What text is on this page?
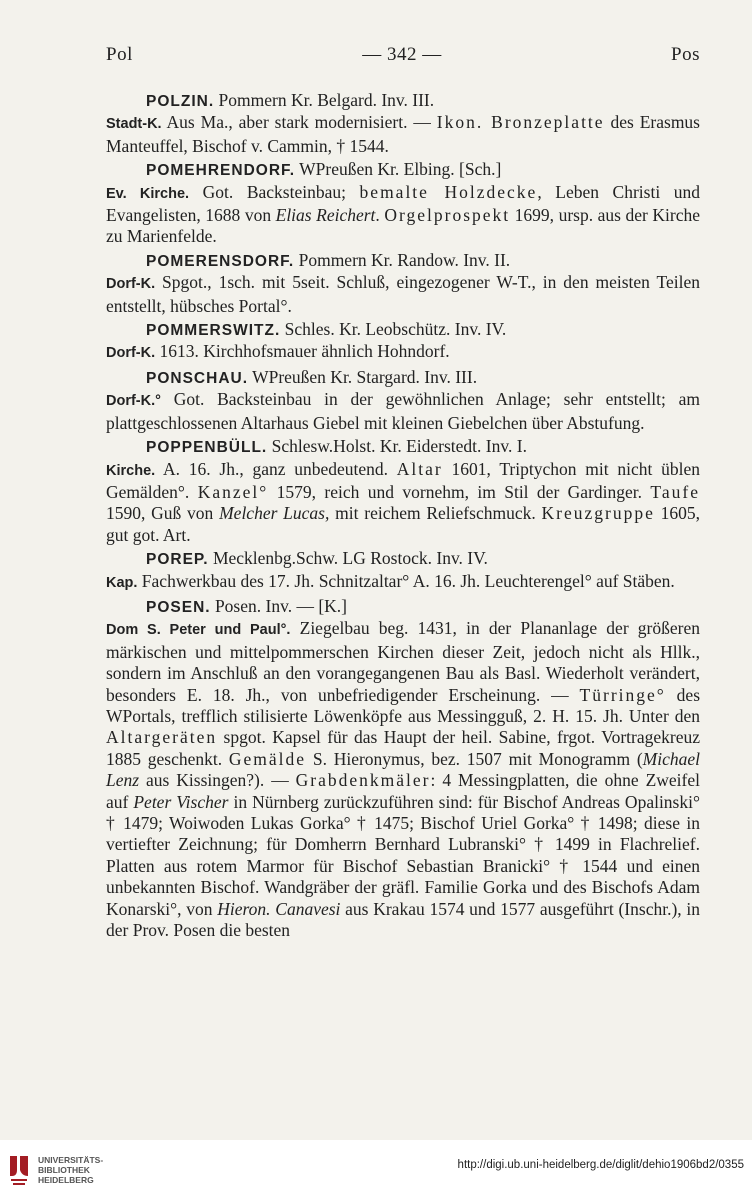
Pol	— 342 —	Pos

POLZIN. Pommern Kr. Belgard. Inv. III.

Stadt-K. Aus Ma., aber stark modernisiert. — Ikon. Bronzeplatte des Erasmus Manteuffel, Bischof v. Cammin, † 1544.

POMEHRENDORF. WPreußen Kr. Elbing. [Sch.]

Ev. Kirche. Got. Backsteinbau; bemalte Holzdecke, Leben Christi und Evangelisten, 1688 von Elias Reichert. Orgelprospekt 1699, ursp. aus der Kirche zu Marienfelde.

POMERENSDORF. Pommern Kr. Randow. Inv. II.

Dorf-K. Spgot., 1sch. mit 5seit. Schluß, eingezogener W-T., in den meisten Teilen entstellt, hübsches Portal°.

POMMERSWITZ. Schles. Kr. Leobschütz. Inv. IV.

Dorf-K. 1613. Kirchhofsmauer ähnlich Hohndorf.

PONSCHAU. WPreußen Kr. Stargard. Inv. III.

Dorf-K.° Got. Backsteinbau in der gewöhnlichen Anlage; sehr entstellt; am plattgeschlossenen Altarhaus Giebel mit kleinen Giebelchen über Abstufung.

POPPENBÜLL. Schlesw.Holst. Kr. Eiderstedt. Inv. I.

Kirche. A. 16. Jh., ganz unbedeutend. Altar 1601, Triptychon mit nicht üblen Gemälden°. Kanzel° 1579, reich und vornehm, im Stil der Gardinger. Taufe 1590, Guß von Melcher Lucas, mit reichem Reliefschmuck. Kreuzgruppe 1605, gut got. Art.

POREP. Mecklenbg.Schw. LG Rostock. Inv. IV.

Kap. Fachwerkbau des 17. Jh. Schnitzaltar° A. 16. Jh. Leuchterengel° auf Stäben.

POSEN. Posen. Inv. — [K.]

Dom S. Peter und Paul°. Ziegelbau beg. 1431, in der Plananlage der größeren märkischen und mittelpommerschen Kirchen dieser Zeit, jedoch nicht als Hllk., sondern im Anschluß an den vorangegangenen Bau als Basl. Wiederholt verändert, besonders E. 18. Jh., von unbefriedigender Erscheinung. — Türringe° des WPortals, trefflich stilisierte Löwenköpfe aus Messingguß, 2. H. 15. Jh. Unter den Altargeräten spgot. Kapsel für das Haupt der heil. Sabine, frgot. Vortragekreuz 1885 geschenkt. Gemälde S. Hieronymus, bez. 1507 mit Monogramm (Michael Lenz aus Kissingen?). — Grabdenkmäler: 4 Messingplatten, die ohne Zweifel auf Peter Vischer in Nürnberg zurückzuführen sind: für Bischof Andreas Opalinski° † 1479; Woiwoden Lukas Gorka° † 1475; Bischof Uriel Gorka° † 1498; diese in vertiefter Zeichnung; für Domherrn Bernhard Lubranski° † 1499 in Flachrelief. Platten aus rotem Marmor für Bischof Sebastian Branicki° † 1544 und einen unbekannten Bischof. Wandgräber der gräfl. Familie Gorka und des Bischofs Adam Konarski°, von Hieron. Canavesi aus Krakau 1574 und 1577 ausgeführt (Inschr.), in der Prov. Posen die besten

UNIVERSITÄTS-
BIBLIOTHEK
HEIDELBERG
http://digi.ub.uni-heidelberg.de/diglit/dehio1906bd2/0355
